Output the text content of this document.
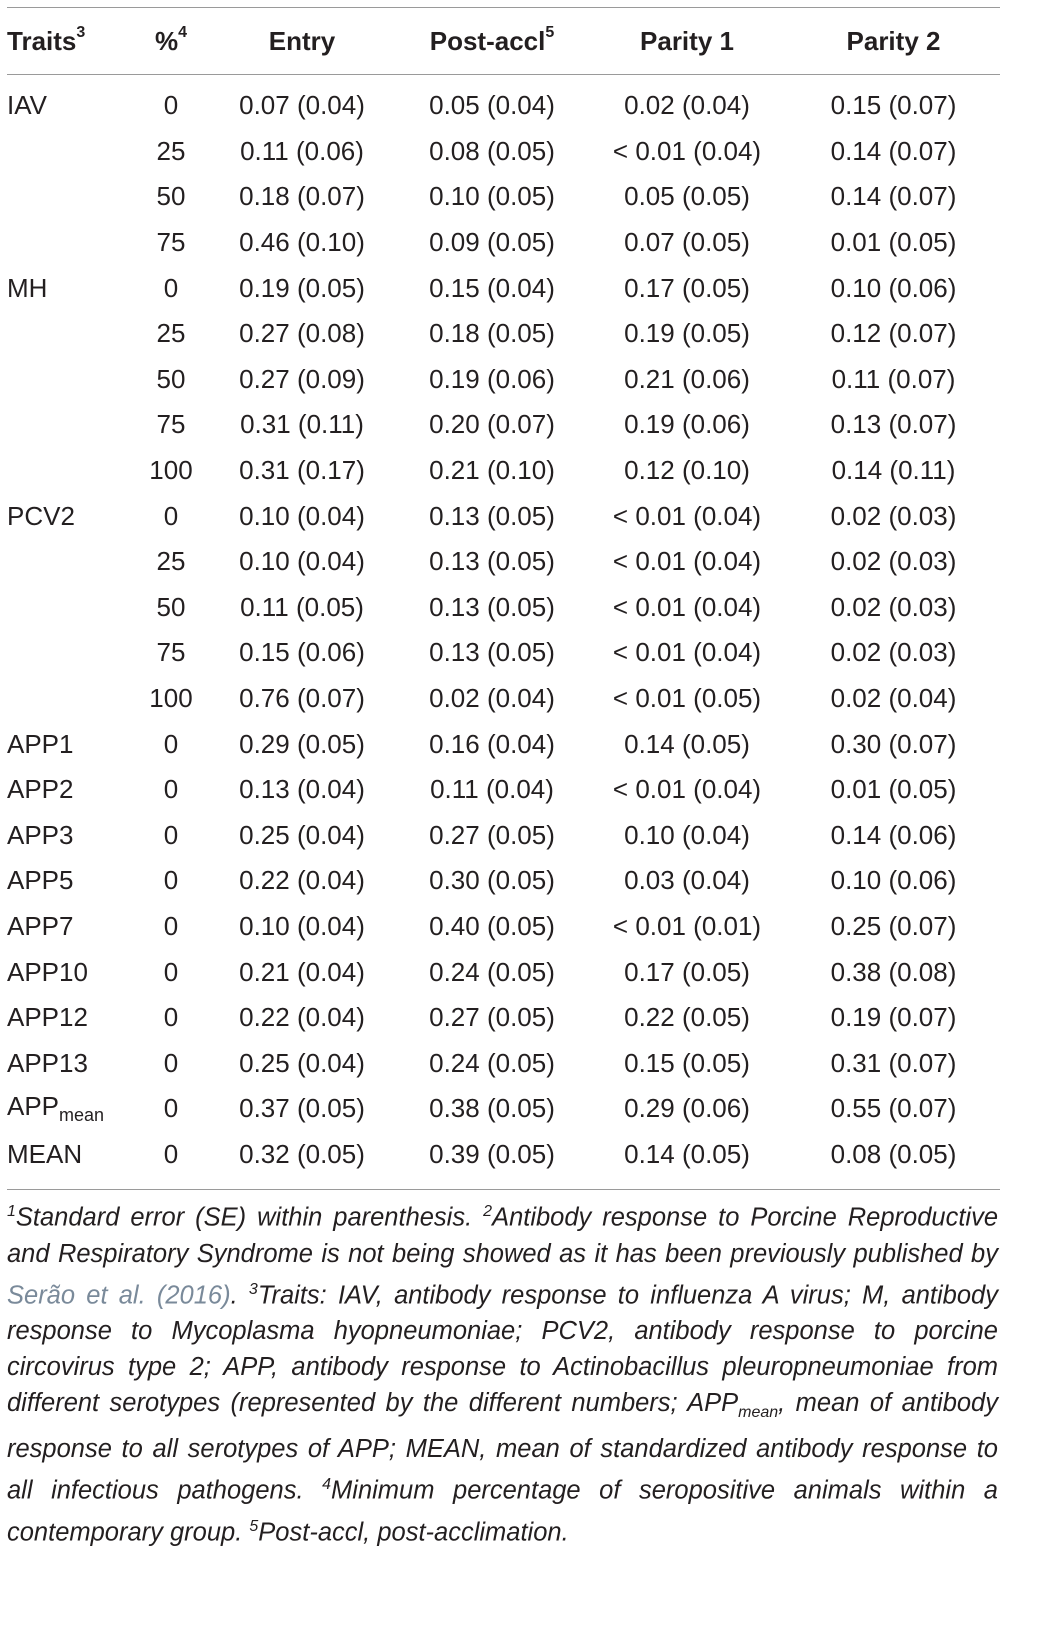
Traits$^3$	%$^4$	Entry	Post-accl$^5$	Parity 1	Parity 2

IAV	0	0.07 (0.04)	0.05 (0.04)	0.02 (0.04)	0.15 (0.07)
	25	0.11 (0.06)	0.08 (0.05)	< 0.01 (0.04)	0.14 (0.07)
	50	0.18 (0.07)	0.10 (0.05)	0.05 (0.05)	0.14 (0.07)
	75	0.46 (0.10)	0.09 (0.05)	0.07 (0.05)	0.01 (0.05)
MH	0	0.19 (0.05)	0.15 (0.04)	0.17 (0.05)	0.10 (0.06)
	25	0.27 (0.08)	0.18 (0.05)	0.19 (0.05)	0.12 (0.07)
	50	0.27 (0.09)	0.19 (0.06)	0.21 (0.06)	0.11 (0.07)
	75	0.31 (0.11)	0.20 (0.07)	0.19 (0.06)	0.13 (0.07)
	100	0.31 (0.17)	0.21 (0.10)	0.12 (0.10)	0.14 (0.11)
PCV2	0	0.10 (0.04)	0.13 (0.05)	< 0.01 (0.04)	0.02 (0.03)
	25	0.10 (0.04)	0.13 (0.05)	< 0.01 (0.04)	0.02 (0.03)
	50	0.11 (0.05)	0.13 (0.05)	< 0.01 (0.04)	0.02 (0.03)
	75	0.15 (0.06)	0.13 (0.05)	< 0.01 (0.04)	0.02 (0.03)
	100	0.76 (0.07)	0.02 (0.04)	< 0.01 (0.05)	0.02 (0.04)
APP1	0	0.29 (0.05)	0.16 (0.04)	0.14 (0.05)	0.30 (0.07)
APP2	0	0.13 (0.04)	0.11 (0.04)	< 0.01 (0.04)	0.01 (0.05)
APP3	0	0.25 (0.04)	0.27 (0.05)	0.10 (0.04)	0.14 (0.06)
APP5	0	0.22 (0.04)	0.30 (0.05)	0.03 (0.04)	0.10 (0.06)
APP7	0	0.10 (0.04)	0.40 (0.05)	< 0.01 (0.01)	0.25 (0.07)
APP10	0	0.21 (0.04)	0.24 (0.05)	0.17 (0.05)	0.38 (0.08)
APP12	0	0.22 (0.04)	0.27 (0.05)	0.22 (0.05)	0.19 (0.07)
APP13	0	0.25 (0.04)	0.24 (0.05)	0.15 (0.05)	0.31 (0.07)
$APP_{mean}$	0	0.37 (0.05)	0.38 (0.05)	0.29 (0.06)	0.55 (0.07)
MEAN	0	0.32 (0.05)	0.39 (0.05)	0.14 (0.05)	0.08 (0.05)
$^1$Standard error (SE) within parenthesis. $^2$Antibody response to Porcine Reproductive and Respiratory Syndrome is not being showed as it has been previously published by Serão et al. (2016). $^3$Traits: IAV, antibody response to influenza A virus; M, antibody response to Mycoplasma hyopneumoniae; PCV2, antibody response to porcine circovirus type 2; APP, antibody response to Actinobacillus pleuropneumoniae from different serotypes (represented by the different numbers; $APP_{mean}$, mean of antibody response to all serotypes of APP; MEAN, mean of standardized antibody response to all infectious pathogens. $^4$Minimum percentage of seropositive animals within a contemporary group. $^5$Post-accl, post-acclimation.
